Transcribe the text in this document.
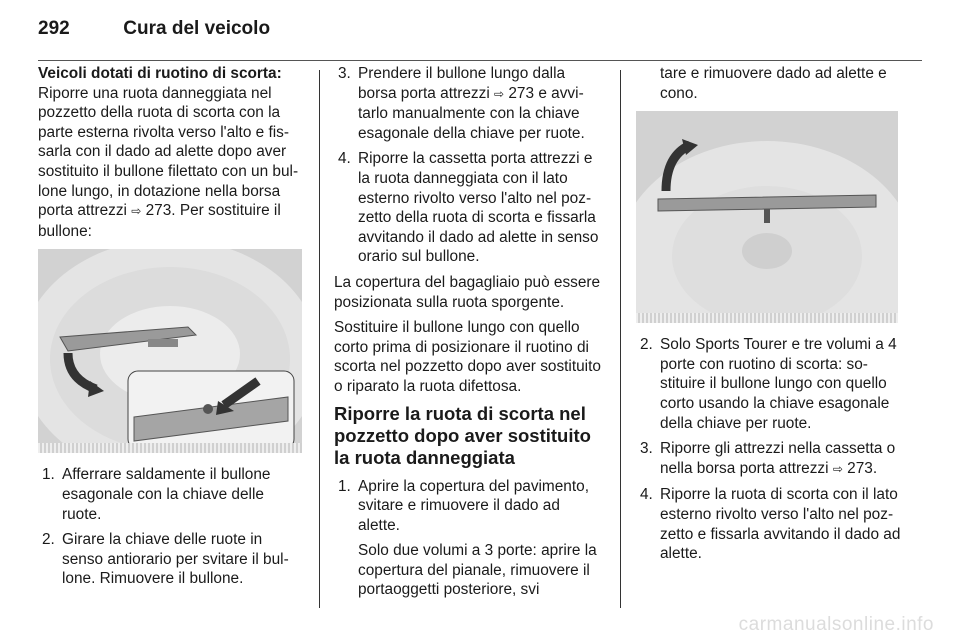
292	Cura del veicolo

Veicoli dotati di ruotino di scorta:
Riporre una ruota danneggiata nel pozzetto della ruota di scorta con la parte esterna rivolta verso l'alto e fissarla con il dado ad alette dopo aver sostituito il bullone filettato con un bullone lungo, in dotazione nella borsa porta attrezzi ⇨ 273. Per sostituire il bullone:

1. Afferrare saldamente il bullone esagonale con la chiave delle ruote.
2. Girare la chiave delle ruote in senso antiorario per svitare il bullone. Rimuovere il bullone.
3. Prendere il bullone lungo dalla borsa porta attrezzi ⇨ 273 e avvitarlo manualmente con la chiave esagonale della chiave per ruote.
4. Riporre la cassetta porta attrezzi e la ruota danneggiata con il lato esterno rivolto verso l'alto nel pozzetto della ruota di scorta e fissarla avvitando il dado ad alette in senso orario sul bullone.

La copertura del bagagliaio può essere posizionata sulla ruota sporgente.

Sostituire il bullone lungo con quello corto prima di posizionare il ruotino di scorta nel pozzetto dopo aver sostituito o riparato la ruota difettosa.

Riporre la ruota di scorta nel pozzetto dopo aver sostituito la ruota danneggiata
1. Aprire la copertura del pavimento, svitare e rimuovere il dado ad alette.
Solo due volumi a 3 porte: aprire la copertura del pianale, rimuovere il portaoggetti posteriore, svi

tare e rimuovere dado ad alette e cono.

2. Solo Sports Tourer e tre volumi a 4 porte con ruotino di scorta: sostituire il bullone lungo con quello corto usando la chiave esagonale della chiave per ruote.
3. Riporre gli attrezzi nella cassetta o nella borsa porta attrezzi ⇨ 273.
4. Riporre la ruota di scorta con il lato esterno rivolto verso l'alto nel pozzetto e fissarla avvitando il dado ad alette.
carmanualsonline.info
